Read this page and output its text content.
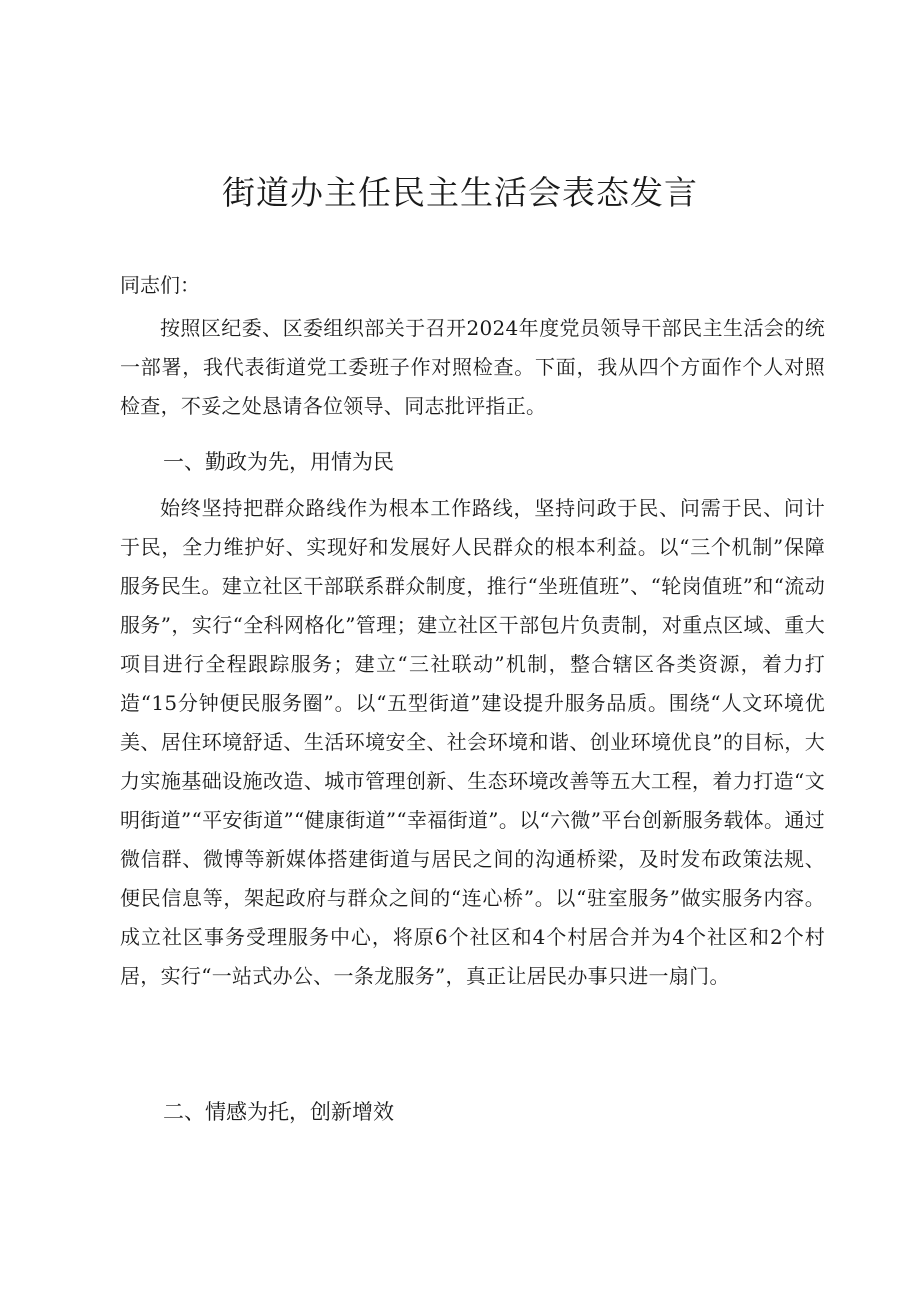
街道办主任民主生活会表态发言

同志们：

按照区纪委、区委组织部关于召开2024年度党员领导干部民主生活会的统一部署，我代表街道党工委班子作对照检查。下面，我从四个方面作个人对照检查，不妥之处恳请各位领导、同志批评指正。

一、勤政为先，用情为民

始终坚持把群众路线作为根本工作路线，坚持问政于民、问需于民、问计于民，全力维护好、实现好和发展好人民群众的根本利益。以“三个机制”保障服务民生。建立社区干部联系群众制度，推行“坐班值班”、“轮岗值班”和“流动服务”，实行“全科网格化”管理；建立社区干部包片负责制，对重点区域、重大项目进行全程跟踪服务；建立“三社联动”机制，整合辖区各类资源，着力打造“15分钟便民服务圈”。以“五型街道”建设提升服务品质。围绕“人文环境优美、居住环境舒适、生活环境安全、社会环境和谐、创业环境优良”的目标，大力实施基础设施改造、城市管理创新、生态环境改善等五大工程，着力打造“文明街道”“平安街道”“健康街道”“幸福街道”。以“六微”平台创新服务载体。通过微信群、微博等新媒体搭建街道与居民之间的沟通桥梁，及时发布政策法规、便民信息等，架起政府与群众之间的“连心桥”。以“驻室服务”做实服务内容。成立社区事务受理服务中心，将原6个社区和4个村居合并为4个社区和2个村居，实行“一站式办公、一条龙服务”，真正让居民办事只进一扇门。

二、情感为托，创新增效
